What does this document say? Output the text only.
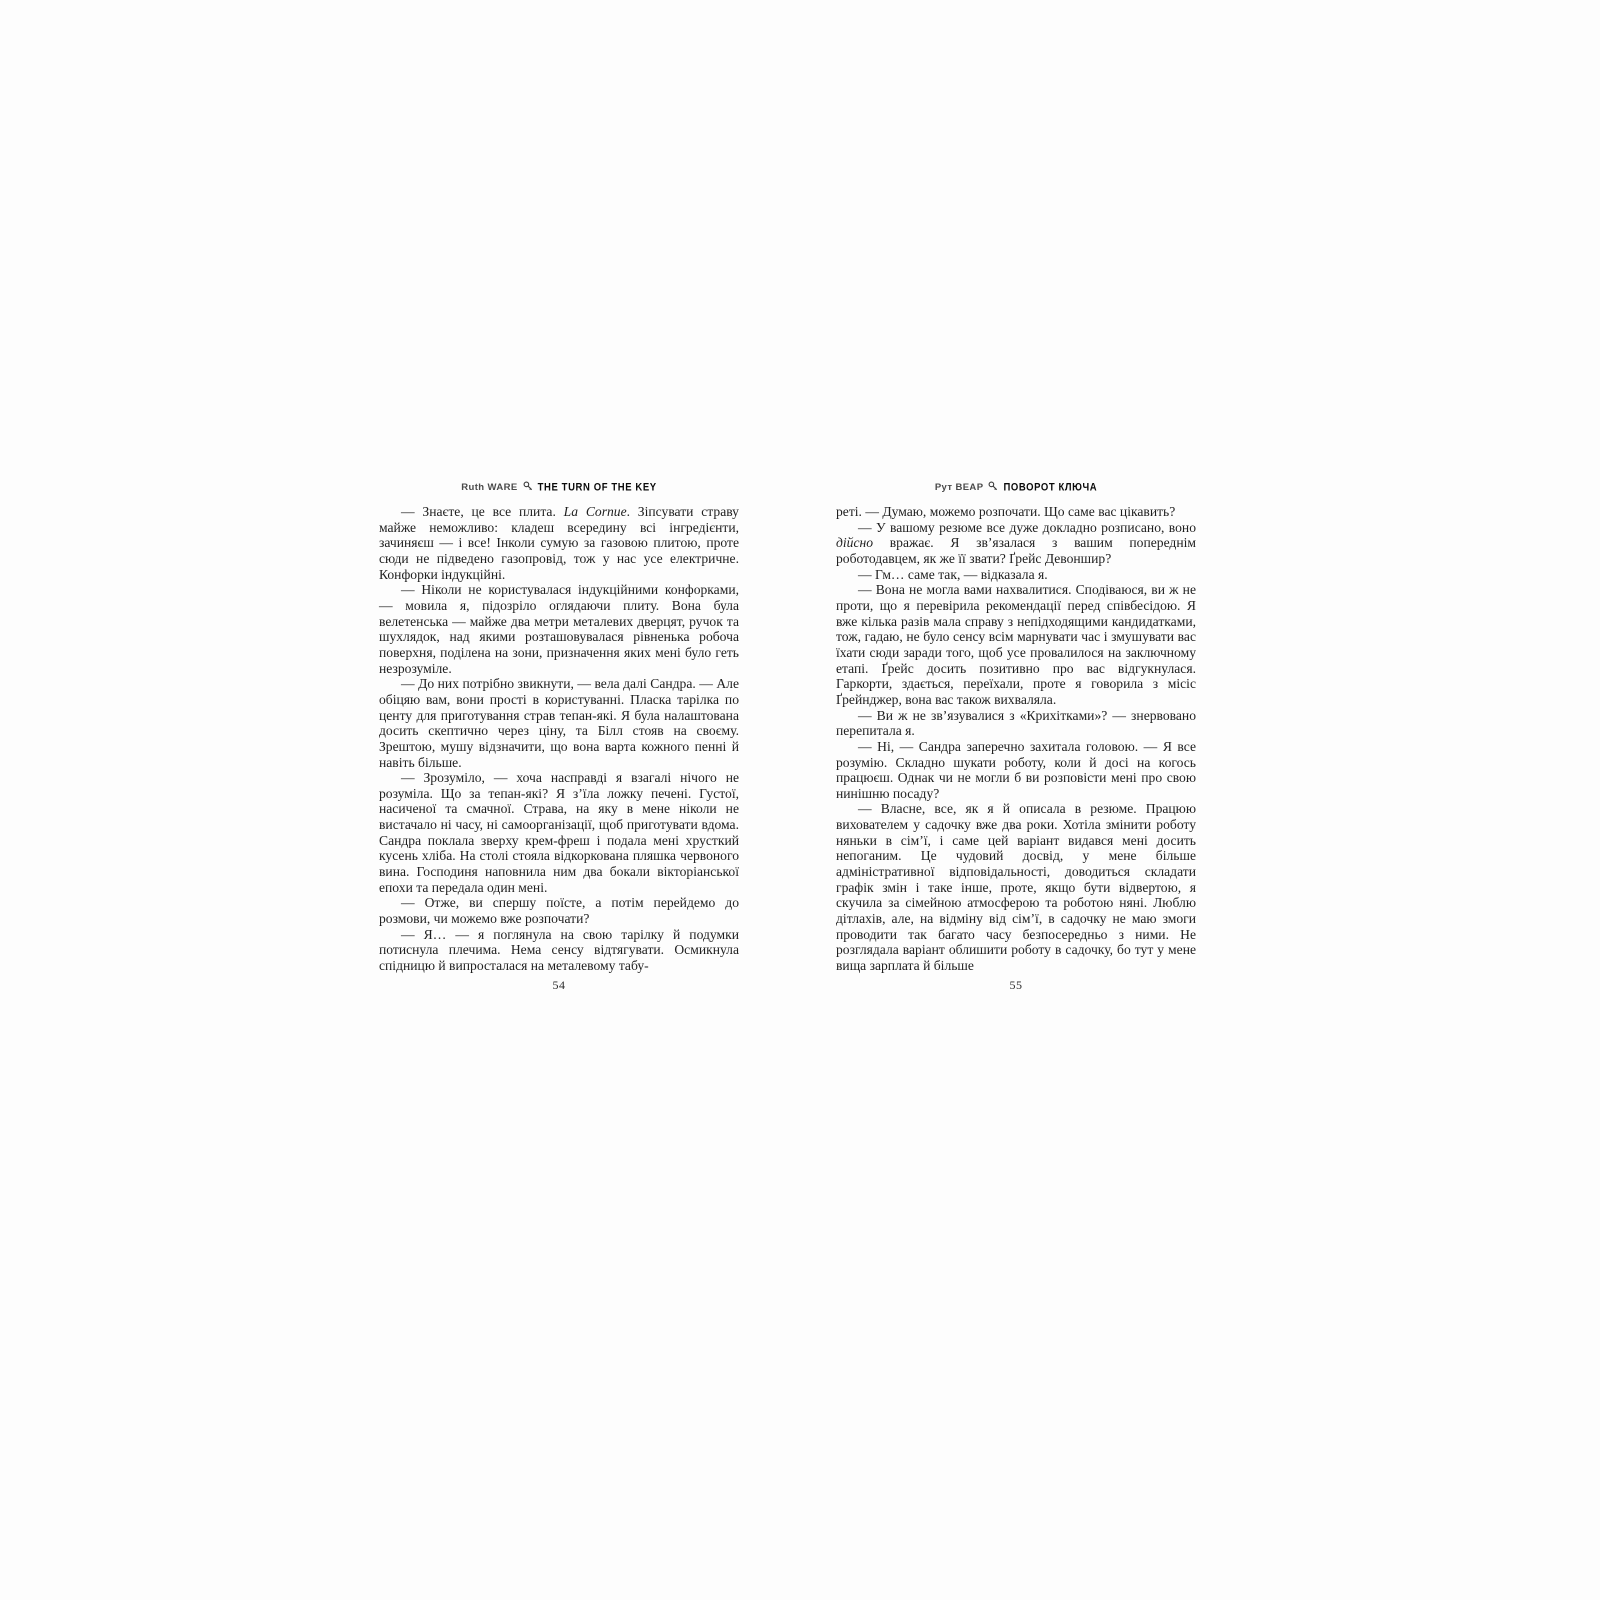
Ruth WARE THE TURN OF THE KEY

— Знаєте, це все плита. La Cornue. Зіпсувати страву майже неможливо: кладеш всередину всі інгредієнти, зачиняєш — і все! Інколи сумую за газовою плитою, проте сюди не підведено газопровід, тож у нас усе електричне. Конфорки індукційні.

— Ніколи не користувалася індукційними конфорками, — мовила я, підозріло оглядаючи плиту. Вона була велетенська — майже два метри металевих дверцят, ручок та шухлядок, над якими розташовувалася рівненька робоча поверхня, поділена на зони, призначення яких мені було геть незрозуміле.

— До них потрібно звикнути, — вела далі Сандра. — Але обіцяю вам, вони прості в користуванні. Пласка тарілка по центу для приготування страв тепан-які. Я була налаштована досить скептично через ціну, та Білл стояв на своєму. Зрештою, мушу відзначити, що вона варта кожного пенні й навіть більше.

— Зрозуміло, — хоча насправді я взагалі нічого не розуміла. Що за тепан-які? Я з’їла ложку печені. Густої, насиченої та смачної. Страва, на яку в мене ніколи не вистачало ні часу, ні самоорганізації, щоб приготувати вдома. Сандра поклала зверху крем-фреш і подала мені хрусткий кусень хліба. На столі стояла відкоркована пляшка червоного вина. Господиня наповнила ним два бокали вікторіанської епохи та передала один мені.

— Отже, ви спершу поїсте, а потім перейдемо до розмови, чи можемо вже розпочати?

— Я… — я поглянула на свою тарілку й подумки потиснула плечима. Нема сенсу відтягувати. Осмикнула спідницю й випросталася на металевому табу-

54
Рут ВЕАР ПОВОРОТ КЛЮЧА

реті. — Думаю, можемо розпочати. Що саме вас цікавить?

— У вашому резюме все дуже докладно розписано, воно дійсно вражає. Я зв’язалася з вашим попереднім роботодавцем, як же її звати? Ґрейс Девоншир?

— Гм… саме так, — відказала я.

— Вона не могла вами нахвалитися. Сподіваюся, ви ж не проти, що я перевірила рекомендації перед співбесідою. Я вже кілька разів мала справу з непідходящими кандидатками, тож, гадаю, не було сенсу всім марнувати час і змушувати вас їхати сюди заради того, щоб усе провалилося на заключному етапі. Ґрейс досить позитивно про вас відгукнулася. Гаркорти, здається, переїхали, проте я говорила з місіс Ґрейнджер, вона вас також вихваляла.

— Ви ж не зв’язувалися з «Крихітками»? — знервовано перепитала я.

— Ні, — Сандра заперечно захитала головою. — Я все розумію. Складно шукати роботу, коли й досі на когось працюєш. Однак чи не могли б ви розповісти мені про свою нинішню посаду?

— Власне, все, як я й описала в резюме. Працюю вихователем у садочку вже два роки. Хотіла змінити роботу няньки в сім’ї, і саме цей варіант видався мені досить непоганим. Це чудовий досвід, у мене більше адміністративної відповідальності, доводиться складати графік змін і таке інше, проте, якщо бути відвертою, я скучила за сімейною атмосферою та роботою няні. Люблю дітлахів, але, на відміну від сім’ї, в садочку не маю змоги проводити так багато часу безпосередньо з ними. Не розглядала варіант облишити роботу в садочку, бо тут у мене вища зарплата й більше

55
